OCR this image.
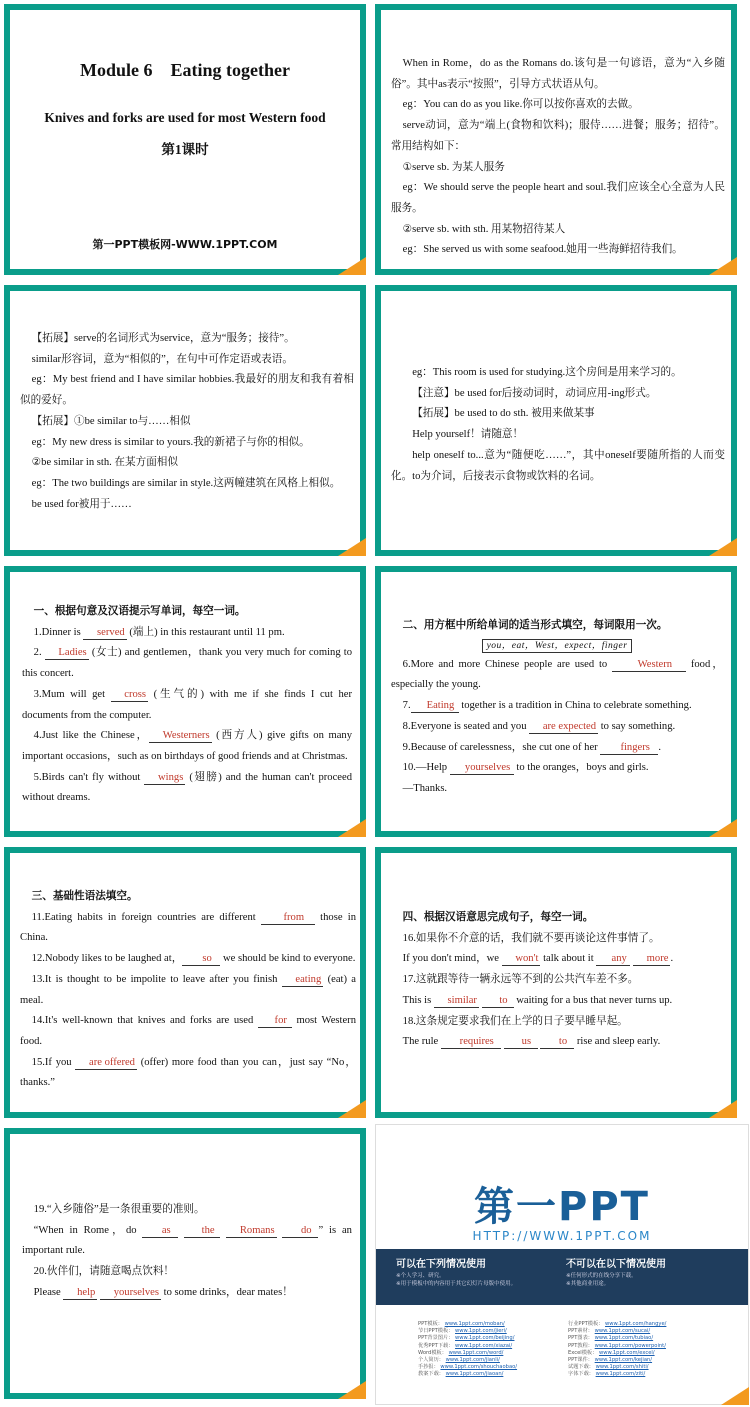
Module 6　Eating together
Knives and forks are used for most Western food
第1课时
第一PPT模板网-WWW.1PPT.COM

When in Rome，do as the Romans do.该句是一句谚语，意为“入乡随俗”。其中as表示“按照”，引导方式状语从句。

eg：You can do as you like.你可以按你喜欢的去做。

serve动词，意为“端上(食物和饮料)；服侍……进餐；服务；招待”。常用结构如下：

①serve sb. 为某人服务

eg：We should serve the people heart and soul.我们应该全心全意为人民服务。

②serve sb. with sth. 用某物招待某人

eg：She served us with some seafood.她用一些海鲜招待我们。

【拓展】serve的名词形式为service，意为“服务；接待”。

similar形容词，意为“相似的”，在句中可作定语或表语。

eg：My best friend and I have similar hobbies.我最好的朋友和我有着相似的爱好。

【拓展】①be similar to与……相似

eg：My new dress is similar to yours.我的新裙子与你的相似。

②be similar in sth. 在某方面相似

eg：The two buildings are similar in style.这两幢建筑在风格上相似。

be used for被用于……

eg：This room is used for studying.这个房间是用来学习的。

【注意】be used for后接动词时，动词应用-ing形式。

【拓展】be used to do sth. 被用来做某事

Help yourself！请随意！

help oneself to...意为“随便吃……”，其中oneself要随所指的人而变化。to为介词，后接表示食物或饮料的名词。

一、根据句意及汉语提示写单词，每空一词。

1.Dinner is served (端上) in this restaurant until 11 pm.

2. Ladies (女士) and gentlemen，thank you very much for coming to this concert.

3.Mum will get cross (生气的) with me if she finds I cut her documents from the computer.

4.Just like the Chinese， Westerners (西方人) give gifts on many important occasions，such as on birthdays of good friends and at Christmas.

5.Birds can't fly without wings (翅膀) and the human can't proceed without dreams.

二、用方框中所给单词的适当形式填空，每词限用一次。

you，eat，West，expect，finger

6.More and more Chinese people are used to Western food，especially the young.

7. Eating together is a tradition in China to celebrate something.

8.Everyone is seated and you are expected to say something.

9.Because of carelessness，she cut one of her fingers .

10.—Help yourselves to the oranges，boys and girls.

—Thanks.

三、基础性语法填空。

11.Eating habits in foreign countries are different from those in China.

12.Nobody likes to be laughed at， so we should be kind to everyone.

13.It is thought to be impolite to leave after you finish eating (eat) a meal.

14.It's well-known that knives and forks are used for most Western food.

15.If you are offered (offer) more food than you can，just say “No，thanks.”

四、根据汉语意思完成句子，每空一词。

16.如果你不介意的话，我们就不要再谈论这件事情了。

If you don't mind，we won't talk about it any more .

17.这就跟等待一辆永远等不到的公共汽车差不多。

This is similar to waiting for a bus that never turns up.

18.这条规定要求我们在上学的日子要早睡早起。

The rule requires	us	to rise and sleep early.

19.“入乡随俗”是一条很重要的准则。

“When in Rome，do as	the Romans do ” is an important rule.

20.伙伴们，请随意喝点饮料！

Please help yourselves to some drinks，dear mates！

第一PPT
HTTP://WWW.1PPT.COM
可以在下列情况使用
※个人学习、研究。
※用于模板中的内容用于其它幻灯片母版中使用。
不可以在以下情况使用
※任何形式的在线分享下载。
※其他商业用途。
PPT模板： www.1ppt.com/moban/
节日PPT模板： www.1ppt.com/jieri/
PPT背景图片： www.1ppt.com/beijing/
优秀PPT下载： www.1ppt.com/xiazai/
Word模板： www.1ppt.com/word/
个人简历： www.1ppt.com/jianli/
手抄报： www.1ppt.com/shouchaobao/
教案下载： www.1ppt.com/jiaoan/
行业PPT模板： www.1ppt.com/hangye/
PPT素材： www.1ppt.com/sucai/
PPT图表： www.1ppt.com/tubiao/
PPT教程： www.1ppt.com/powerpoint/
Excel模板： www.1ppt.com/excel/
PPT课件： www.1ppt.com/kejian/
试题下载： www.1ppt.com/shiti/
字体下载： www.1ppt.com/ziti/
